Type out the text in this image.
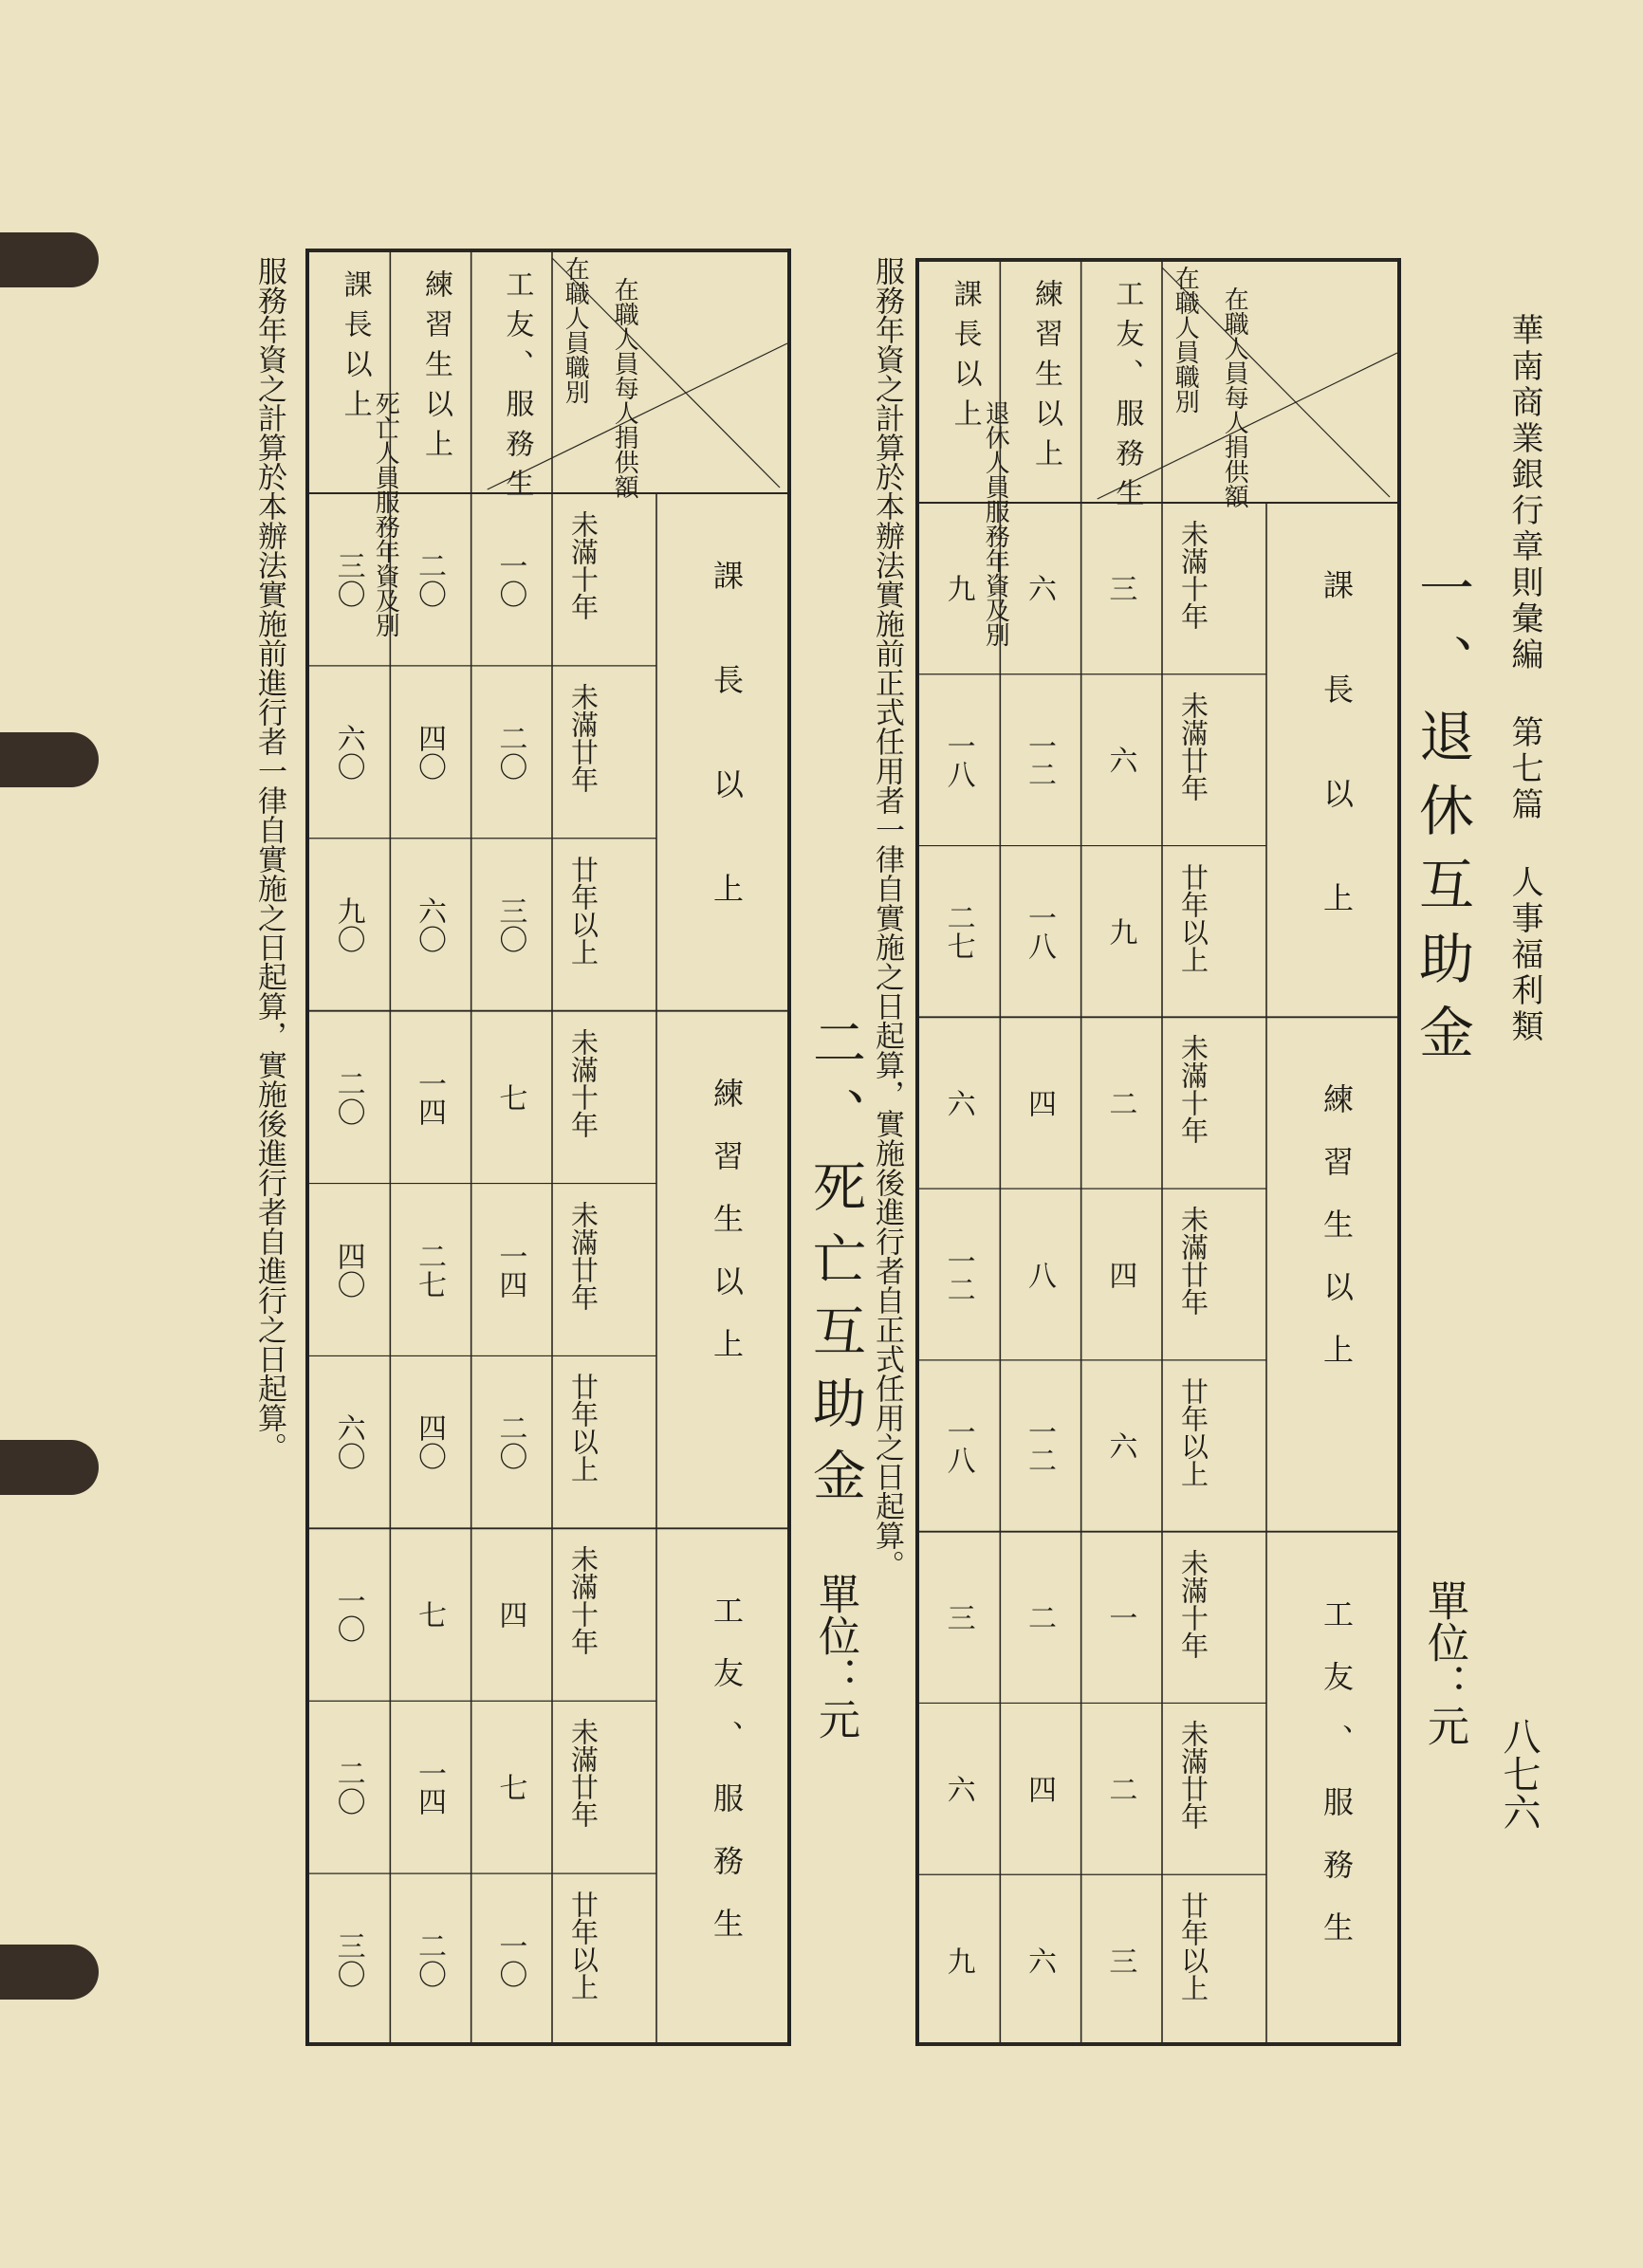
華南商業銀行章則彙編 第七篇 人事福利類
八七六
一、退休互助金
單位：元
服務年資之計算於本辦法實施前正式任用者一律自實施之日起算，實施後進行者自正式任用之日起算。
二、死亡互助金
單位：元
服務年資之計算於本辦法實施前進行者一律自實施之日起算，實施後進行者自進行之日起算。	在職人員每人捐供額
在職人員職別
退休人員服務年資及別
課長以上 練習生以上 工友、服務生
課長以上
未滿十年
未滿廿年
廿年以上
練習生以上
未滿十年
未滿廿年
廿年以上
工友、服務生
未滿十年
未滿廿年
廿年以上
九
一八
二七
六
一二
一八
三
六
九
六
一二
一八
四
八
一二
二
四
六
三
六
九
二
四
六
一
二
三
在職人員每人捐供額
在職人員職別
死亡人員服務年資及別
課長以上 練習生以上 工友、服務生
課長以上
未滿十年
未滿廿年
廿年以上
練習生以上
未滿十年
未滿廿年
廿年以上
工友、服務生
未滿十年
未滿廿年
廿年以上
三〇
六〇
九〇
二〇
四〇
六〇
一〇
二〇
三〇
二〇
四〇
六〇
一四
二七
四〇
七
一四
二〇
一〇
二〇
三〇
七
一四
二〇
四
七
一〇
